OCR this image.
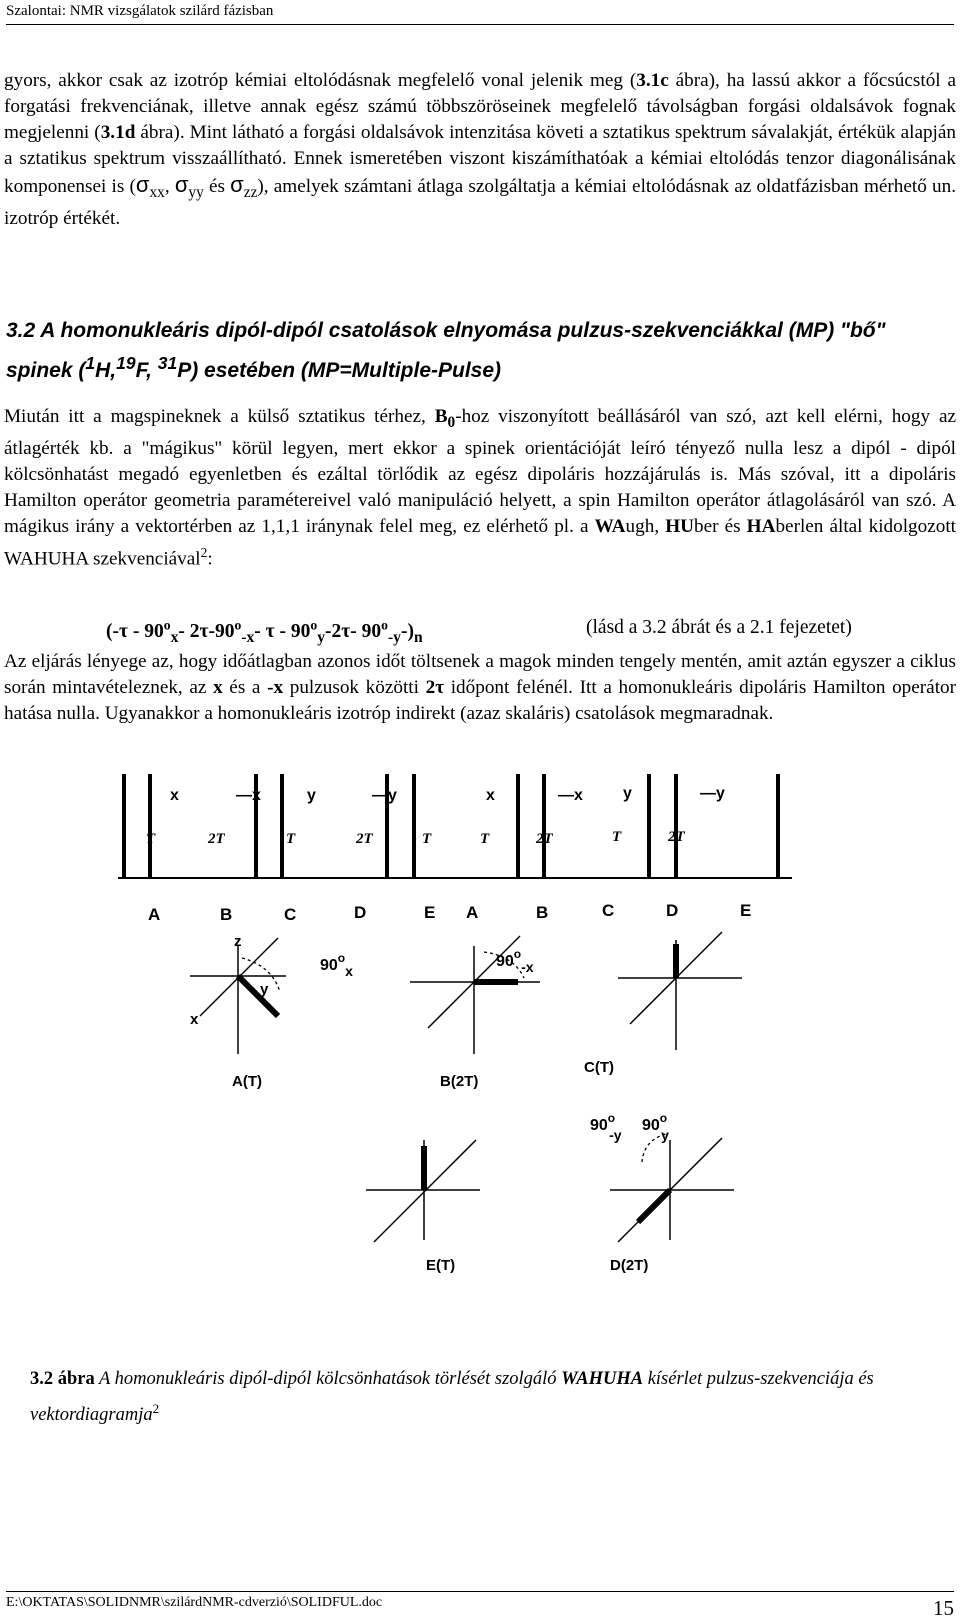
Szalontai: NMR vizsgálatok szilárd fázisban

gyors, akkor csak az izotróp kémiai eltolódásnak megfelelő vonal jelenik meg (3.1c ábra), ha lassú akkor a főcsúcstól a forgatási frekvenciának, illetve annak egész számú többszöröseinek megfelelő távolságban forgási oldalsávok fognak megjelenni (3.1d ábra). Mint látható a forgási oldalsávok intenzitása követi a sztatikus spektrum sávalakját, értékük alapján a sztatikus spektrum visszaállítható. Ennek ismeretében viszont kiszámíthatóak a kémiai eltolódás tenzor diagonálisának komponensei is ($\sigma_{xx}$, $\sigma_{yy}$ és $\sigma_{zz}$), amelyek számtani átlaga szolgáltatja a kémiai eltolódásnak az oldatfázisban mérhető un. izotróp értékét.

3.2 A homonukleáris dipól-dipól csatolások elnyomása pulzus-szekvenciákkal (MP) "bő" spinek ($^1$H,$^{19}$F, $^{31}$P) esetében (MP=Multiple-Pulse)

Miután itt a magspineknek a külső sztatikus térhez, $B_0$-hoz viszonyított beállásáról van szó, azt kell elérni, hogy az átlagérték kb. a "mágikus" körül legyen, mert ekkor a spinek orientációját leíró tényező nulla lesz a dipól - dipól kölcsönhatást megadó egyenletben és ezáltal törlődik az egész dipoláris hozzájárulás is. Más szóval, itt a dipoláris Hamilton operátor geometria paramétereivel való manipuláció helyett, a spin Hamilton operátor átlagolásáról van szó. A mágikus irány a vektortérben az 1,1,1 iránynak felel meg, ez elérhető pl. a WAugh, HUber és HAberlen által kidolgozott WAHUHA szekvenciával$^2$:

($-\tau - 90^o_x-$ $2\tau-90^o_{-x}-$ τ - $90^o_y-2\tau-$ $90^o_{-y}-)_n$	(lásd a 3.2 ábrát és a 2.1 fejezetet)

Az eljárás lényege az, hogy időátlagban azonos időt töltsenek a magok minden tengely mentén, amit aztán egyszer a ciklus során mintavételeznek, az x és a -x pulzusok közötti 2τ időpont felénél. Itt a homonukleáris dipoláris Hamilton operátor hatása nulla. Ugyanakkor a homonukleáris izotróp indirekt (azaz skaláris) csatolások megmaradnak.

x	—x	y	—y	x	—x	y	—y
T	2T	T	2T	T	T	2T	T	2T
A	B	C	D	E A	B	C	D	E
z
y
x
90$^o$x
A(T)
90$^o$-x
B(2T)
C(T)
90$^o$ y
E(T)
90$^o$ -y
D(2T)

3.2 ábra A homonukleáris dipól-dipól kölcsönhatások törlését szolgáló WAHUHA kísérlet pulzus-szekvenciája és vektordiagramja$^2$

E:\OKTATAS\SOLIDNMR\szilárdNMR-cdverzió\SOLIDFUL.doc	15
